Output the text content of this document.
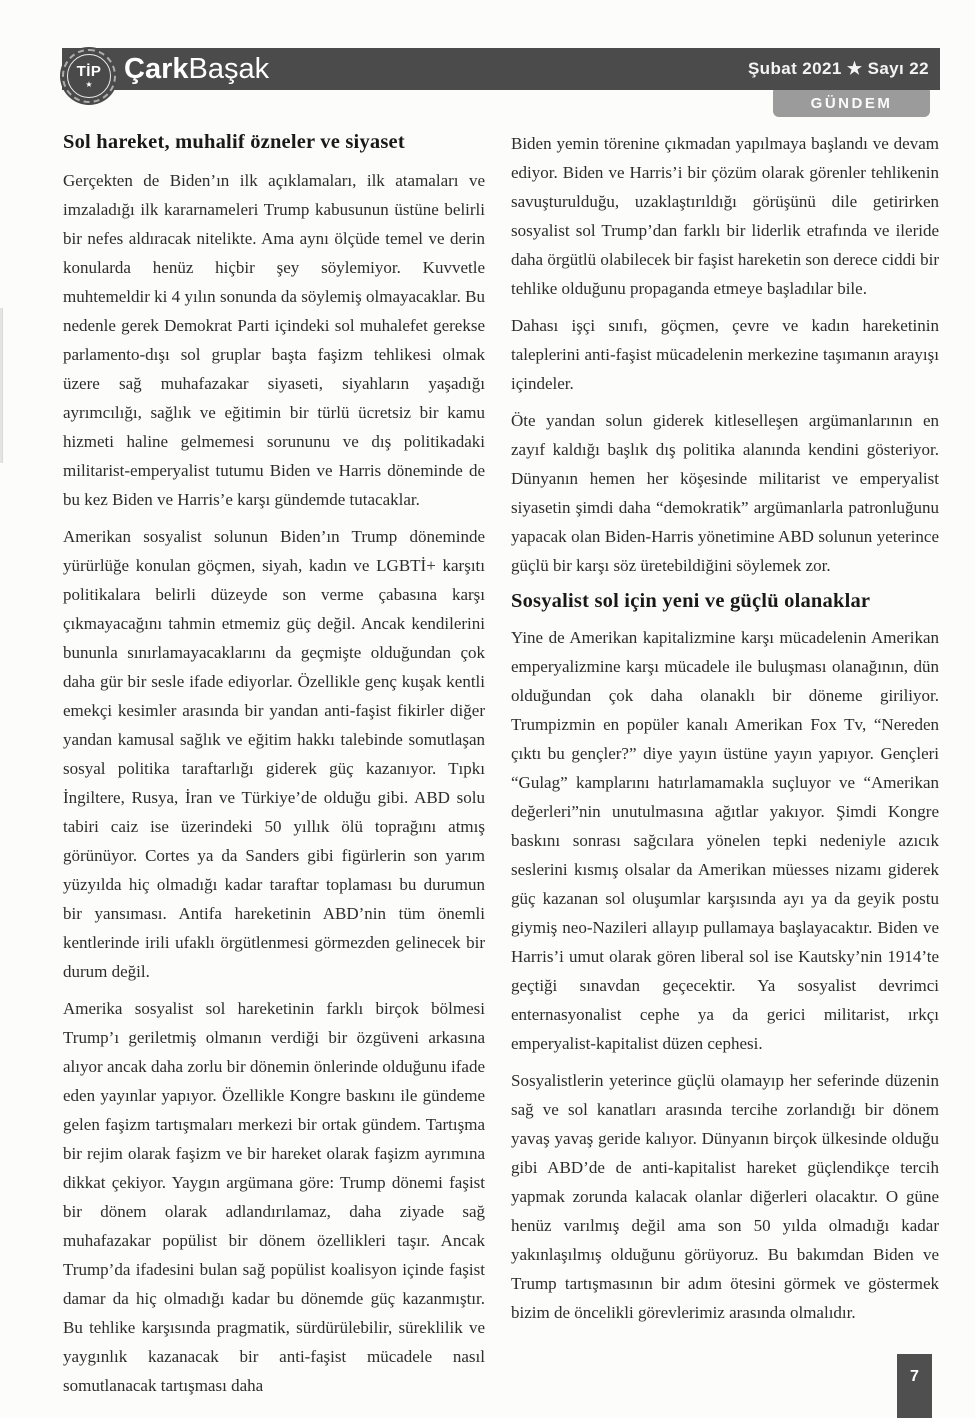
TİP
★ Çark Başak	Şubat 2021 ★ Sayı 22
GÜNDEM
Sol hareket, muhalif özneler ve siyaset

Gerçekten de Biden’ın ilk açıklamaları, ilk atamaları ve imzaladığı ilk kararnameleri Trump kabusunun üstüne belirli bir nefes aldıracak nitelikte. Ama aynı ölçüde temel ve derin konularda henüz hiçbir şey söylemiyor. Kuvvetle muhtemeldir ki 4 yılın sonunda da söylemiş olmayacaklar. Bu nedenle gerek Demokrat Parti içindeki sol muhalefet gerekse parlamento-dışı sol gruplar başta faşizm tehlikesi olmak üzere sağ muhafazakar siyaseti, siyahların yaşadığı ayrımcılığı, sağlık ve eğitimin bir türlü ücretsiz bir kamu hizmeti haline gelmemesi sorununu ve dış politikadaki militarist-emperyalist tutumu Biden ve Harris döneminde de bu kez Biden ve Harris’e karşı gündemde tutacaklar.

Amerikan sosyalist solunun Biden’ın Trump döneminde yürürlüğe konulan göçmen, siyah, kadın ve LGBTİ+ karşıtı politikalara belirli düzeyde son verme çabasına karşı çıkmayacağını tahmin etmemiz güç değil. Ancak kendilerini bununla sınırlamayacaklarını da geçmişte olduğundan çok daha gür bir sesle ifade ediyorlar. Özellikle genç kuşak kentli emekçi kesimler arasında bir yandan anti-faşist fikirler diğer yandan kamusal sağlık ve eğitim hakkı talebinde somutlaşan sosyal politika taraftarlığı giderek güç kazanıyor. Tıpkı İngiltere, Rusya, İran ve Türkiye’de olduğu gibi. ABD solu tabiri caiz ise üzerindeki 50 yıllık ölü toprağını atmış görünüyor. Cortes ya da Sanders gibi figürlerin son yarım yüzyılda hiç olmadığı kadar taraftar toplaması bu durumun bir yansıması. Antifa hareketinin ABD’nin tüm önemli kentlerinde irili ufaklı örgütlenmesi görmezden gelinecek bir durum değil.

Amerika sosyalist sol hareketinin farklı birçok bölmesi Trump’ı geriletmiş olmanın verdiği bir özgüveni arkasına alıyor ancak daha zorlu bir dönemin önlerinde olduğunu ifade eden yayınlar yapıyor. Özellikle Kongre baskını ile gündeme gelen faşizm tartışmaları merkezi bir ortak gündem. Tartışma bir rejim olarak faşizm ve bir hareket olarak faşizm ayrımına dikkat çekiyor. Yaygın argümana göre: Trump dönemi faşist bir dönem olarak adlandırılamaz, daha ziyade sağ muhafazakar popülist bir dönem özellikleri taşır. Ancak Trump’da ifadesini bulan sağ popülist koalisyon içinde faşist damar da hiç olmadığı kadar bu dönemde güç kazanmıştır. Bu tehlike karşısında pragmatik, sürdürülebilir, süreklilik ve yaygınlık kazanacak bir anti-faşist mücadele nasıl somutlanacak tartışması daha

Biden yemin törenine çıkmadan yapılmaya başlandı ve devam ediyor. Biden ve Harris’i bir çözüm olarak görenler tehlikenin savuşturulduğu, uzaklaştırıldığı görüşünü dile getirirken sosyalist sol Trump’dan farklı bir liderlik etrafında ve ileride daha örgütlü olabilecek bir faşist hareketin son derece ciddi bir tehlike olduğunu propaganda etmeye başladılar bile.

Dahası işçi sınıfı, göçmen, çevre ve kadın hareketinin taleplerini anti-faşist mücadelenin merkezine taşımanın arayışı içindeler.

Öte yandan solun giderek kitleselleşen argümanlarının en zayıf kaldığı başlık dış politika alanında kendini gösteriyor. Dünyanın hemen her köşesinde militarist ve emperyalist siyasetin şimdi daha “demokratik” argümanlarla patronluğunu yapacak olan Biden-Harris yönetimine ABD solunun yeterince güçlü bir karşı söz üretebildiğini söylemek zor.

Sosyalist sol için yeni ve güçlü olanaklar

Yine de Amerikan kapitalizmine karşı mücadelenin Amerikan emperyalizmine karşı mücadele ile buluşması olanağının, dün olduğundan çok daha olanaklı bir döneme giriliyor. Trumpizmin en popüler kanalı Amerikan Fox Tv, “Nereden çıktı bu gençler?” diye yayın üstüne yayın yapıyor. Gençleri “Gulag” kamplarını hatırlamamakla suçluyor ve “Amerikan değerleri”nin unutulmasına ağıtlar yakıyor. Şimdi Kongre baskını sonrası sağcılara yönelen tepki nedeniyle azıcık seslerini kısmış olsalar da Amerikan müesses nizamı giderek güç kazanan sol oluşumlar karşısında ayı ya da geyik postu giymiş neo-Nazileri allayıp pullamaya başlayacaktır. Biden ve Harris’i umut olarak gören liberal sol ise Kautsky’nin 1914’te geçtiği sınavdan geçecektir. Ya sosyalist devrimci enternasyonalist cephe ya da gerici militarist, ırkçı emperyalist-kapitalist düzen cephesi.

Sosyalistlerin yeterince güçlü olamayıp her seferinde düzenin sağ ve sol kanatları arasında tercihe zorlandığı bir dönem yavaş yavaş geride kalıyor. Dünyanın birçok ülkesinde olduğu gibi ABD’de de anti-kapitalist hareket güçlendikçe tercih yapmak zorunda kalacak olanlar diğerleri olacaktır. O güne henüz varılmış değil ama son 50 yılda olmadığı kadar yakınlaşılmış olduğunu görüyoruz. Bu bakımdan Biden ve Trump tartışmasının bir adım ötesini görmek ve göstermek bizim de öncelikli görevlerimiz arasında olmalıdır.

7
